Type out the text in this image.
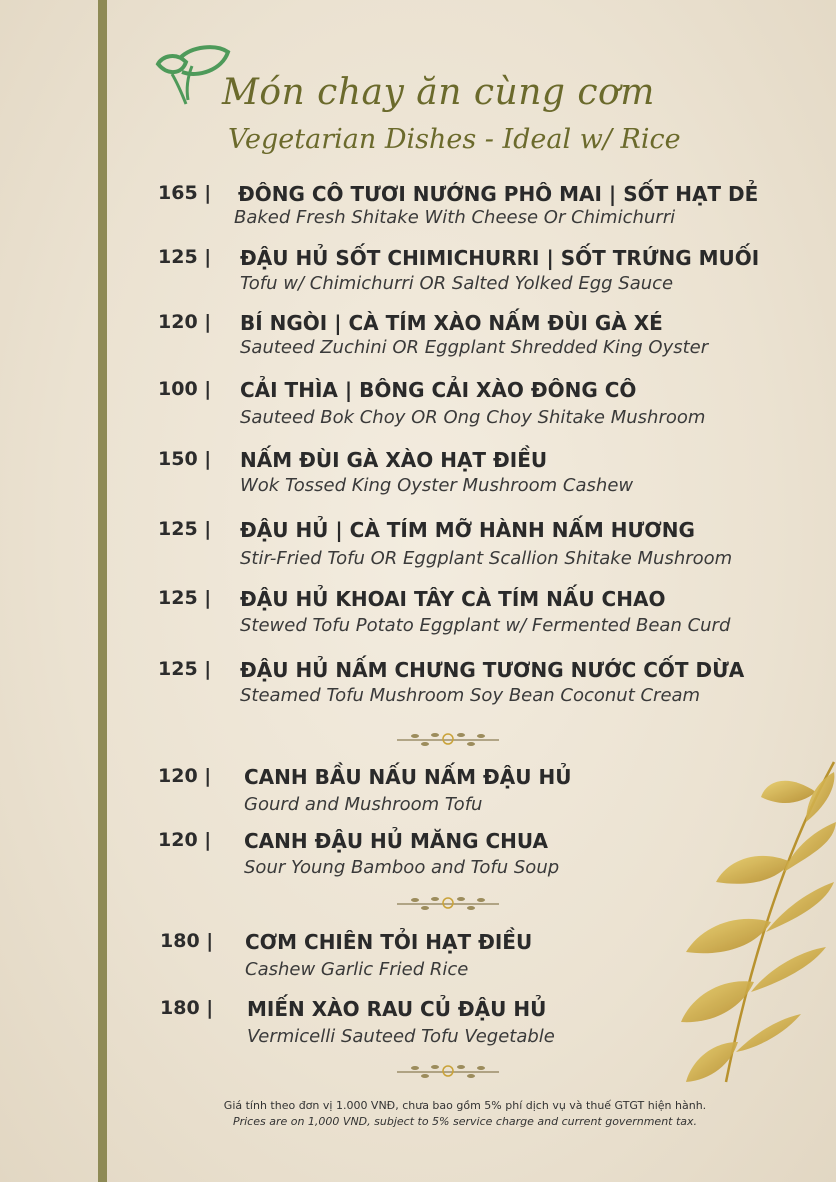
Món chay ăn cùng cơm
Vegetarian Dishes - Ideal w/ Rice
165 | ĐÔNG CÔ TƯƠI NƯỚNG PHÔ MAI | SỐT HẠT DẺ
Baked Fresh Shitake With Cheese Or Chimichurri
125 | ĐẬU HỦ SỐT CHIMICHURRI | SỐT TRỨNG MUỐI
Tofu w/ Chimichurri OR Salted Yolked Egg Sauce
120 | BÍ NGÒI | CÀ TÍM XÀO NẤM ĐÙI GÀ XÉ
Sauteed Zuchini OR Eggplant Shredded King Oyster
100 | CẢI THÌA | BÔNG CẢI XÀO ĐÔNG CÔ
Sauteed Bok Choy OR Ong Choy Shitake Mushroom
150 | NẤM ĐÙI GÀ XÀO HẠT ĐIỀU
Wok Tossed King Oyster Mushroom Cashew
125 | ĐẬU HỦ | CÀ TÍM MỠ HÀNH NẤM HƯƠNG
Stir-Fried Tofu OR Eggplant Scallion Shitake Mushroom
125 | ĐẬU HỦ KHOAI TÂY CÀ TÍM NẤU CHAO
Stewed Tofu Potato Eggplant w/ Fermented Bean Curd
125 | ĐẬU HỦ NẤM CHƯNG TƯƠNG NƯỚC CỐT DỪA
Steamed Tofu Mushroom Soy Bean Coconut Cream
120 | CANH BẦU NẤU NẤM ĐẬU HỦ
Gourd and Mushroom Tofu
120 | CANH ĐẬU HỦ MĂNG CHUA
Sour Young Bamboo and Tofu Soup
180 | CƠM CHIÊN TỎI HẠT ĐIỀU
Cashew Garlic Fried Rice
180 | MIẾN XÀO RAU CỦ ĐẬU HỦ
Vermicelli Sauteed Tofu Vegetable
Giá tính theo đơn vị 1.000 VNĐ, chưa bao gồm 5% phí dịch vụ và thuế GTGT hiện hành.
Prices are on 1,000 VND, subject to 5% service charge and current government tax.
